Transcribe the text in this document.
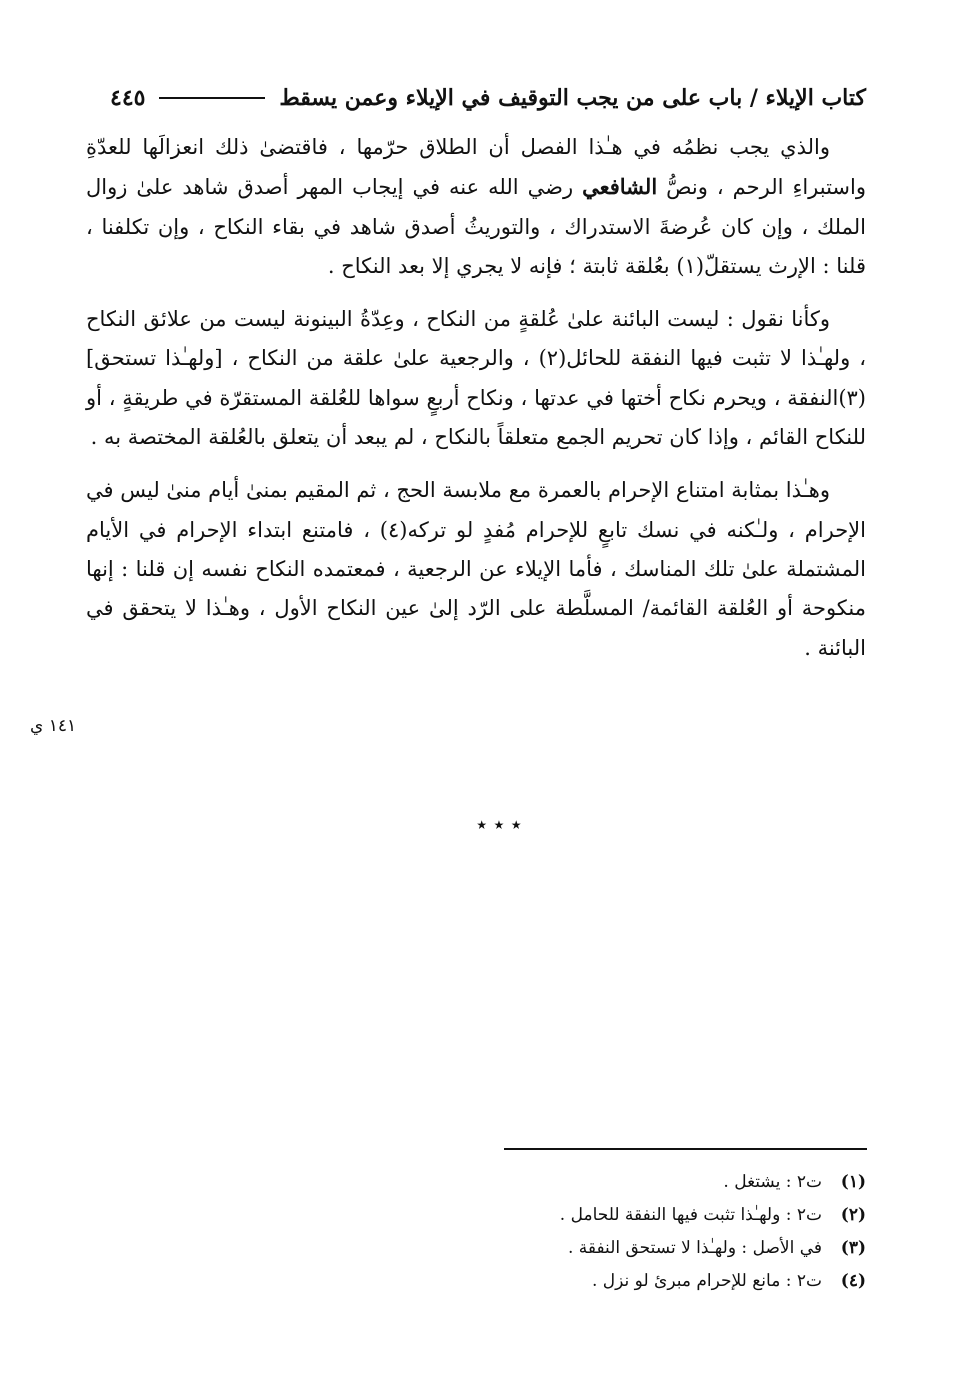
كتاب الإيلاء / باب على من يجب التوقيف في الإيلاء وعمن يسقط
٤٤٥

والذي يجب نظمُه في هـٰذا الفصل أن الطلاق حرّمها ، فاقتضىٰ ذلك انعزالَها للعدّةِ واستبراءِ الرحم ، ونصُّ الشافعي رضي الله عنه في إيجاب المهر أصدق شاهد علىٰ زوال الملك ، وإن كان عُرضةَ الاستدراك ، والتوريثُ أصدق شاهد في بقاء النكاح ، وإن تكلفنا ، قلنا : الإرث يستقلّ(١) بعُلقة ثابتة ؛ فإنه لا يجري إلا بعد النكاح .

وكأنا نقول : ليست البائنة علىٰ عُلقةٍ من النكاح ، وعِدّةُ البينونة ليست من علائق النكاح ، ولهـٰذا لا تثبت فيها النفقة للحائل(٢) ، والرجعية علىٰ علقة من النكاح ، [ولهـٰذا تستحق](٣)النفقة ، ويحرم نكاح أختها في عدتها ، ونكاح أربعٍ سواها للعُلقة المستقرّة في طريقةٍ ، أو للنكاح القائم ، وإذا كان تحريم الجمع متعلقاً بالنكاح ، لم يبعد أن يتعلق بالعُلقة المختصة به .

وهـٰذا بمثابة امتناع الإحرام بالعمرة مع ملابسة الحج ، ثم المقيم بمنىٰ أيام منىٰ ليس في الإحرام ، ولـٰكنه في نسك تابعٍ للإحرام مُفدٍ لو تركه(٤) ، فامتنع ابتداء الإحرام في الأيام المشتملة علىٰ تلك المناسك ، فأما الإيلاء عن الرجعية ، فمعتمده النكاح نفسه إن قلنا : إنها منكوحة أو العُلقة القائمة/ المسلَّطة على الرّد إلىٰ عين النكاح الأول ، وهـٰذا لا يتحقق في البائنة .

١٤١ ي
٭ ٭ ٭
(١)
ت٢ : يشتغل .
(٢)
ت٢ : ولهـٰذا تثبت فيها النفقة للحامل .
(٣)
في الأصل : ولهـٰذا لا تستحق النفقة .
(٤)
ت٢ : مانع للإحرام مبرئ لو نزل .
